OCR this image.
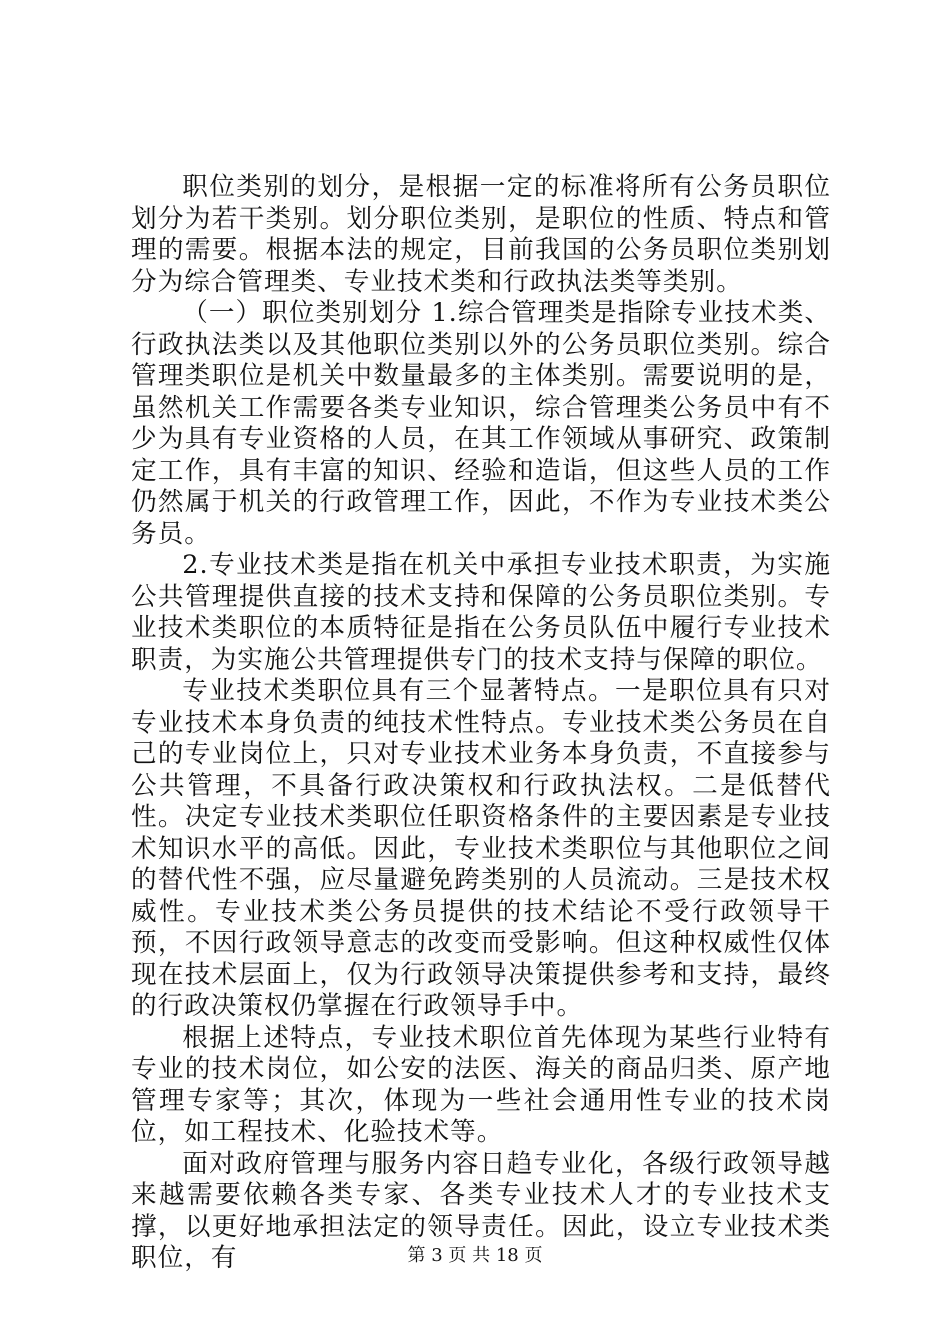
职位类别的划分，是根据一定的标准将所有公务员职位划分为若干类别。划分职位类别，是职位的性质、特点和管理的需要。根据本法的规定，目前我国的公务员职位类别划分为综合管理类、专业技术类和行政执法类等类别。

（一）职位类别划分 1.综合管理类是指除专业技术类、行政执法类以及其他职位类别以外的公务员职位类别。综合管理类职位是机关中数量最多的主体类别。需要说明的是，虽然机关工作需要各类专业知识，综合管理类公务员中有不少为具有专业资格的人员，在其工作领域从事研究、政策制定工作，具有丰富的知识、经验和造诣，但这些人员的工作仍然属于机关的行政管理工作，因此，不作为专业技术类公务员。

2.专业技术类是指在机关中承担专业技术职责，为实施公共管理提供直接的技术支持和保障的公务员职位类别。专业技术类职位的本质特征是指在公务员队伍中履行专业技术职责，为实施公共管理提供专门的技术支持与保障的职位。

专业技术类职位具有三个显著特点。一是职位具有只对专业技术本身负责的纯技术性特点。专业技术类公务员在自己的专业岗位上，只对专业技术业务本身负责，不直接参与公共管理，不具备行政决策权和行政执法权。二是低替代性。决定专业技术类职位任职资格条件的主要因素是专业技术知识水平的高低。因此，专业技术类职位与其他职位之间的替代性不强，应尽量避免跨类别的人员流动。三是技术权威性。专业技术类公务员提供的技术结论不受行政领导干预，不因行政领导意志的改变而受影响。但这种权威性仅体现在技术层面上，仅为行政领导决策提供参考和支持，最终的行政决策权仍掌握在行政领导手中。

根据上述特点，专业技术职位首先体现为某些行业特有专业的技术岗位，如公安的法医、海关的商品归类、原产地管理专家等；其次，体现为一些社会通用性专业的技术岗位，如工程技术、化验技术等。

面对政府管理与服务内容日趋专业化，各级行政领导越来越需要依赖各类专家、各类专业技术人才的专业技术支撑，以更好地承担法定的领导责任。因此，设立专业技术类职位，有	第 3 页 共 18 页
